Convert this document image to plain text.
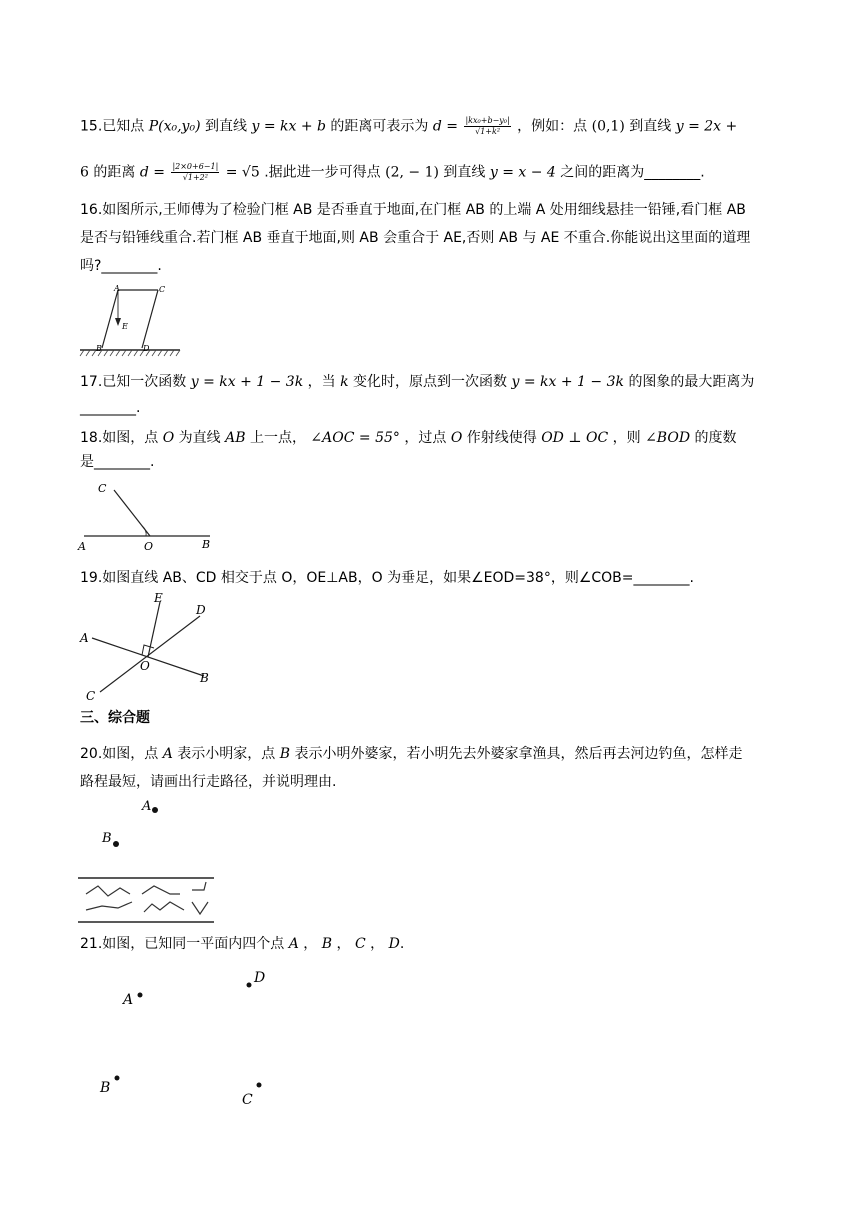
15.已知点 P(x₀,y₀) 到直线 y = kx + b 的距离可表示为 $d = \frac{\text{|kx₀+b−y₀|}}{\text{√1+k²}}$ ，例如：点 (0,1) 到直线 y = 2x +
6 的距离 $d = \frac{|2\times 0+6-1|}{\text{√1+2²}} = √5$ .据此进一步可得点 (2, − 1) 到直线 y = x − 4 之间的距离为________.
16.如图所示,王师傅为了检验门框 AB 是否垂直于地面,在门框 AB 的上端 A 处用细线悬挂一铅锤,看门框 AB
是否与铅锤线重合.若门框 AB 垂直于地面,则 AB 会重合于 AE,否则 AB 与 AE 不重合.你能说出这里面的道理
吗?________.
A	C
E
B	D
17.已知一次函数 y = kx + 1 − 3k ，当 k 变化时，原点到一次函数 y = kx + 1 − 3k 的图象的最大距离为
________.
18.如图，点 O 为直线 AB 上一点， ∠AOC = 55° ，过点 O 作射线使得 OD ⊥ OC ，则 ∠BOD 的度数
是________.
C
A	O	B
19.如图直线 AB、CD 相交于点 O，OE⊥AB，O 为垂足，如果∠EOD=38°，则∠COB=________.
E
D
A
O
B
C
三、综合题
20.如图，点 A 表示小明家，点 B 表示小明外婆家，若小明先去外婆家拿渔具，然后再去河边钓鱼，怎样走
路程最短，请画出行走路径，并说明理由.
A
B
21.如图，已知同一平面内四个点 A ， B ， C ， D.
A
D
B
C
